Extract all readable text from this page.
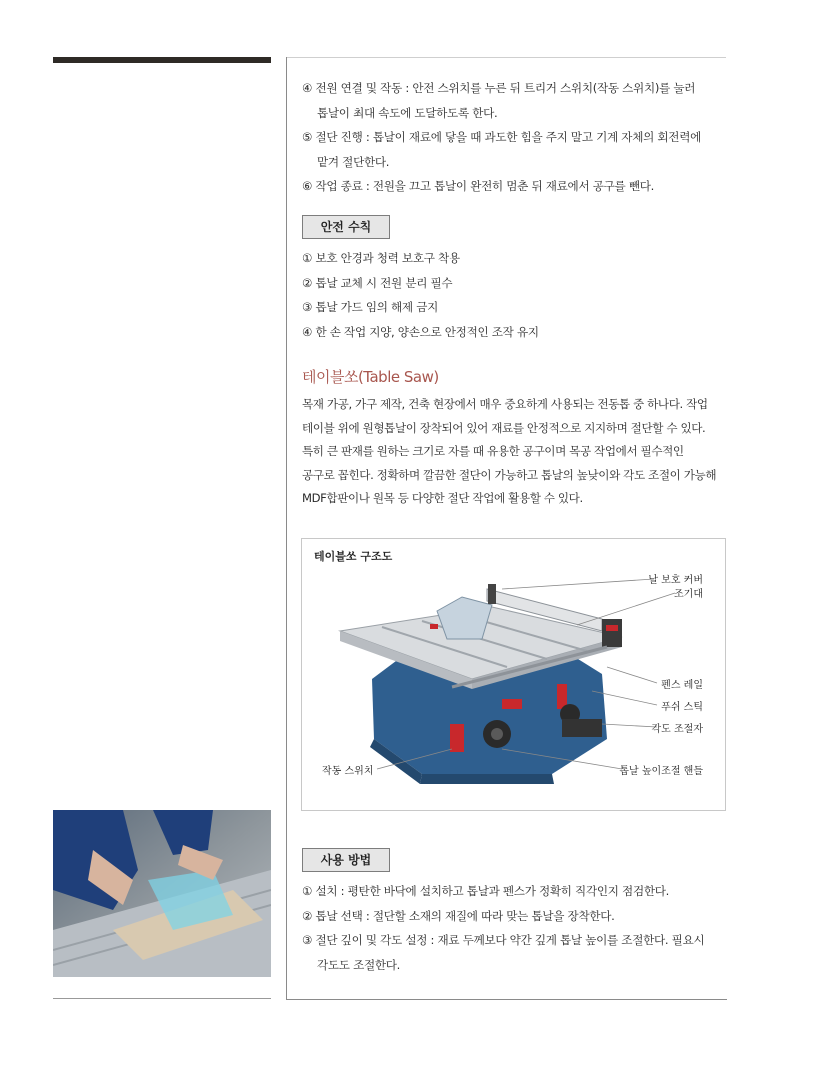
④ 전원 연결 및 작동 : 안전 스위치를 누른 뒤 트리거 스위치(작동 스위치)를 눌러
톱날이 최대 속도에 도달하도록 한다.
⑤ 절단 진행 : 톱날이 재료에 닿을 때 과도한 힘을 주지 말고 기계 자체의 회전력에
맡겨 절단한다.
⑥ 작업 종료 : 전원을 끄고 톱날이 완전히 멈춘 뒤 재료에서 공구를 뺀다.
안전 수칙
① 보호 안경과 청력 보호구 착용
② 톱날 교체 시 전원 분리 필수
③ 톱날 가드 임의 해제 금지
④ 한 손 작업 지양, 양손으로 안정적인 조작 유지
테이블쏘(Table Saw)
목재 가공, 가구 제작, 건축 현장에서 매우 중요하게 사용되는 전동톱 중 하나다. 작업
테이블 위에 원형톱날이 장착되어 있어 재료를 안정적으로 지지하며 절단할 수 있다.
특히 큰 판재를 원하는 크기로 자를 때 유용한 공구이며 목공 작업에서 필수적인
공구로 꼽힌다. 정확하며 깔끔한 절단이 가능하고 톱날의 높낮이와 각도 조절이 가능해
MDF합판이나 원목 등 다양한 절단 작업에 활용할 수 있다.
테이블쏘 구조도
날 보호 커버
조기대
펜스 레일
푸쉬 스틱
각도 조절자
작동 스위치	톱날 높이조절 핸들
사용 방법
① 설치 : 평탄한 바닥에 설치하고 톱날과 펜스가 정확히 직각인지 점검한다.
② 톱날 선택 : 절단할 소재의 재질에 따라 맞는 톱날을 장착한다.
③ 절단 깊이 및 각도 설정 : 재료 두께보다 약간 깊게 톱날 높이를 조절한다. 필요시
각도도 조절한다.
